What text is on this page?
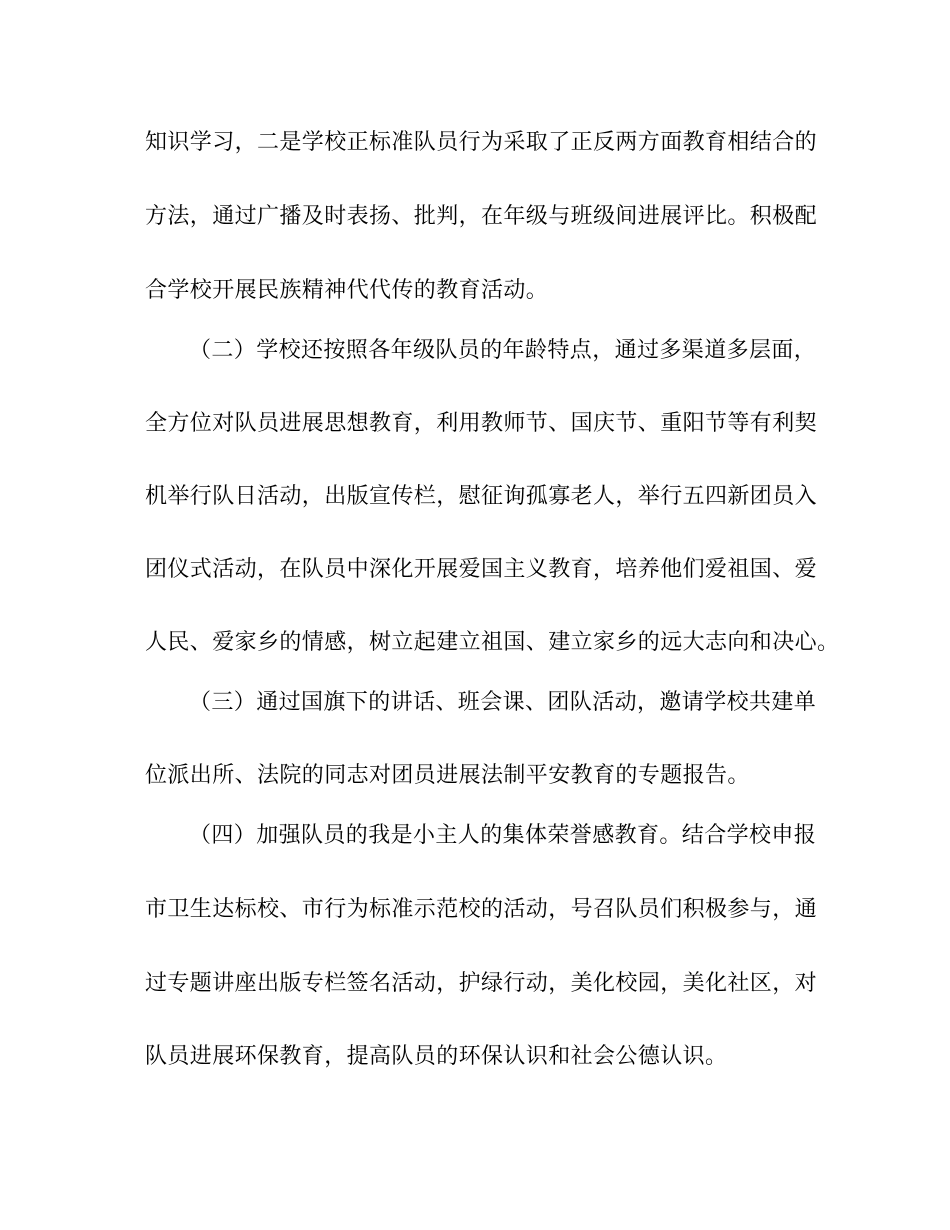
知识学习，二是学校正标准队员行为采取了正反两方面教育相结合的
方法，通过广播及时表扬、批判，在年级与班级间进展评比。积极配
合学校开展民族精神代代传的教育活动。
（二）学校还按照各年级队员的年龄特点，通过多渠道多层面，
全方位对队员进展思想教育，利用教师节、国庆节、重阳节等有利契
机举行队日活动，出版宣传栏，慰征询孤寡老人，举行五四新团员入
团仪式活动，在队员中深化开展爱国主义教育，培养他们爱祖国、爱
人民、爱家乡的情感，树立起建立祖国、建立家乡的远大志向和决心。
（三）通过国旗下的讲话、班会课、团队活动，邀请学校共建单
位派出所、法院的同志对团员进展法制平安教育的专题报告。
（四）加强队员的我是小主人的集体荣誉感教育。结合学校申报
市卫生达标校、市行为标准示范校的活动，号召队员们积极参与，通
过专题讲座出版专栏签名活动，护绿行动，美化校园，美化社区，对
队员进展环保教育，提高队员的环保认识和社会公德认识。
